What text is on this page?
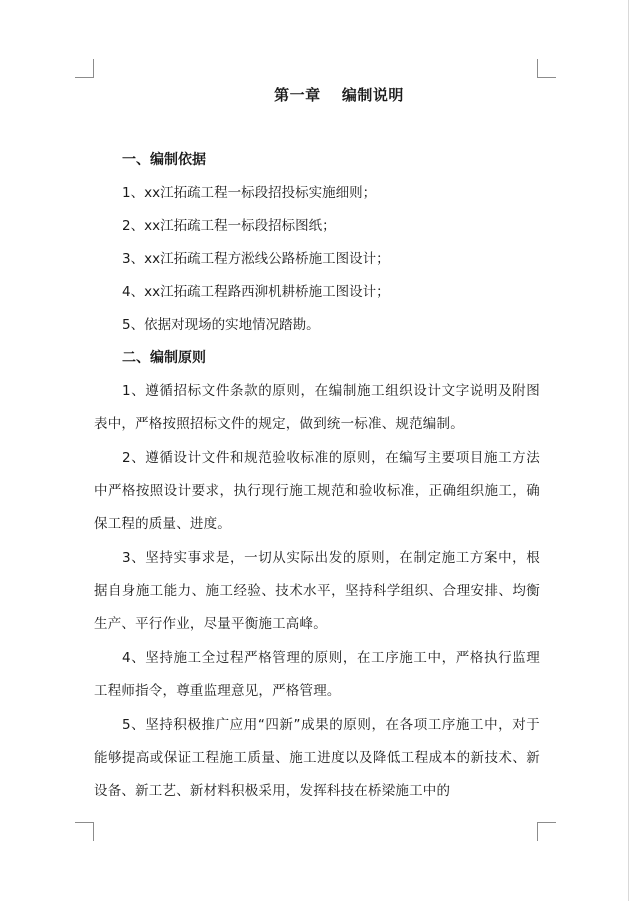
第一章　 编制说明
一、编制依据
1、xx江拓疏工程一标段招投标实施细则；
2、xx江拓疏工程一标段招标图纸；
3、xx江拓疏工程方淞线公路桥施工图设计；
4、xx江拓疏工程路西泖机耕桥施工图设计；
5、依据对现场的实地情况踏勘。
二、编制原则
1、遵循招标文件条款的原则，在编制施工组织设计文字说明及附图表中，严格按照招标文件的规定，做到统一标准、规范编制。
2、遵循设计文件和规范验收标准的原则，在编写主要项目施工方法中严格按照设计要求，执行现行施工规范和验收标准，正确组织施工，确保工程的质量、进度。
3、坚持实事求是，一切从实际出发的原则，在制定施工方案中，根据自身施工能力、施工经验、技术水平，坚持科学组织、合理安排、均衡生产、平行作业，尽量平衡施工高峰。
4、坚持施工全过程严格管理的原则，在工序施工中，严格执行监理工程师指令，尊重监理意见，严格管理。
5、坚持积极推广应用“四新”成果的原则，在各项工序施工中，对于能够提高或保证工程施工质量、施工进度以及降低工程成本的新技术、新设备、新工艺、新材料积极采用，发挥科技在桥梁施工中的
